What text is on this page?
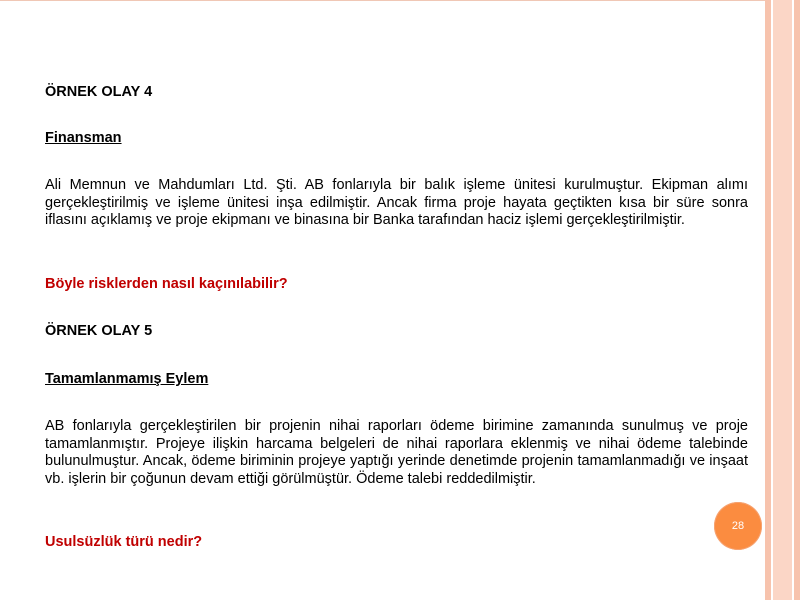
ÖRNEK OLAY 4
Finansman
Ali Memnun ve Mahdumları Ltd. Şti. AB fonlarıyla bir balık işleme ünitesi kurulmuştur. Ekipman alımı gerçekleştirilmiş ve işleme ünitesi inşa edilmiştir. Ancak firma proje hayata geçtikten kısa bir süre sonra iflasını açıklamış ve proje ekipmanı ve binasına bir Banka tarafından haciz işlemi gerçekleştirilmiştir.
Böyle risklerden nasıl kaçınılabilir?
ÖRNEK OLAY 5
Tamamlanmamış Eylem
AB fonlarıyla gerçekleştirilen bir projenin nihai raporları ödeme birimine zamanında sunulmuş ve proje tamamlanmıştır. Projeye ilişkin harcama belgeleri de nihai raporlara eklenmiş ve nihai ödeme talebinde bulunulmuştur. Ancak, ödeme biriminin projeye yaptığı yerinde denetimde projenin tamamlanmadığı ve inşaat vb. işlerin bir çoğunun devam ettiği görülmüştür. Ödeme talebi reddedilmiştir.
Usulsüzlük türü nedir?
28
